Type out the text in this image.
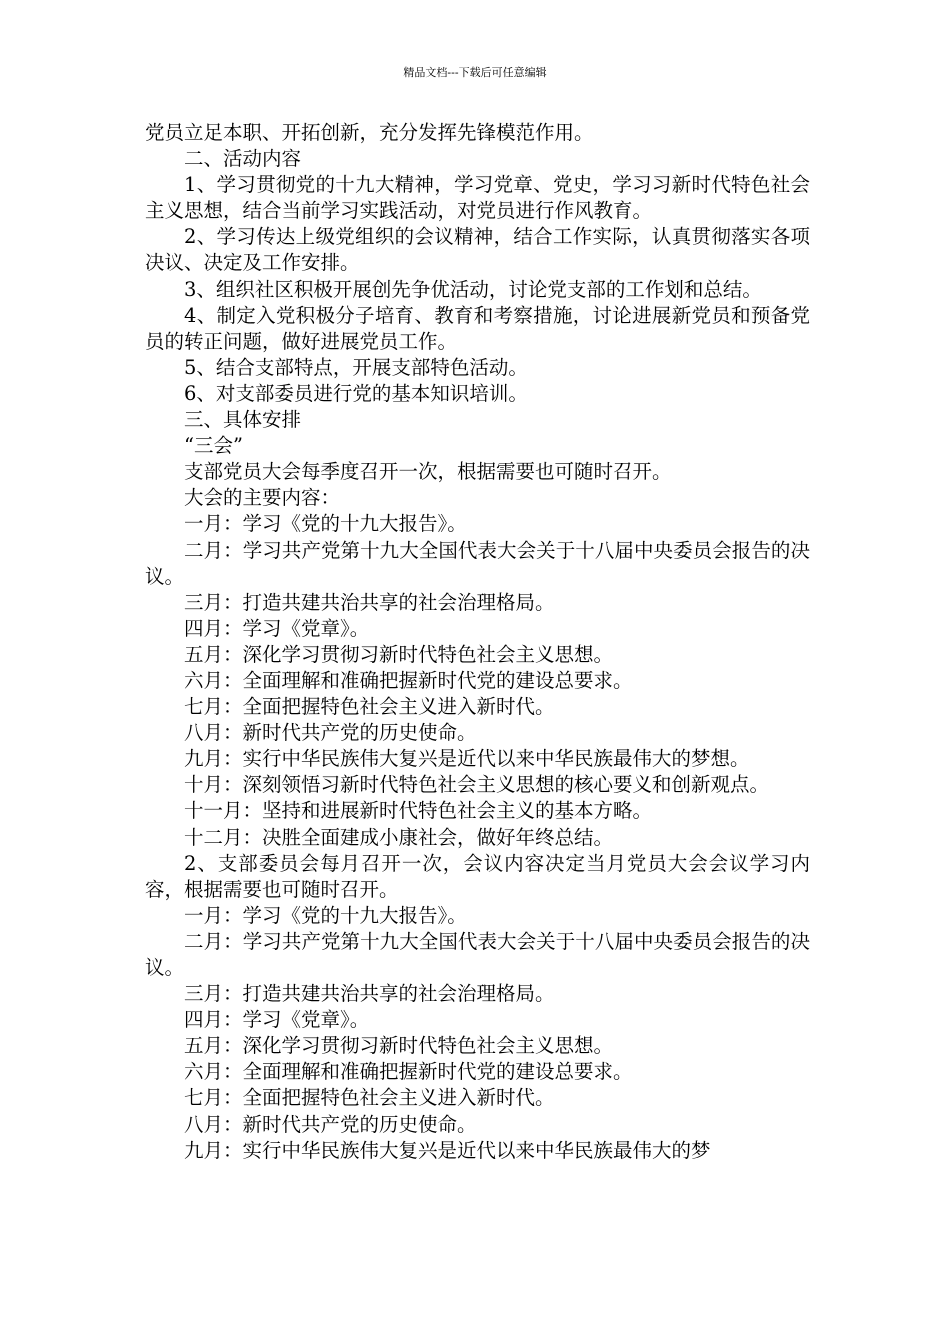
精品文档---下载后可任意编辑

党员立足本职、开拓创新，充分发挥先锋模范作用。

二、活动内容

1、学习贯彻党的十九大精神，学习党章、党史，学习习新时代特色社会主义思想，结合当前学习实践活动，对党员进行作风教育。

2、学习传达上级党组织的会议精神，结合工作实际，认真贯彻落实各项决议、决定及工作安排。

3、组织社区积极开展创先争优活动，讨论党支部的工作划和总结。

4、制定入党积极分子培育、教育和考察措施，讨论进展新党员和预备党员的转正问题，做好进展党员工作。

5、结合支部特点，开展支部特色活动。

6、对支部委员进行党的基本知识培训。

三、具体安排

“三会”

支部党员大会每季度召开一次，根据需要也可随时召开。

大会的主要内容：

一月：学习《党的十九大报告》。

二月：学习共产党第十九大全国代表大会关于十八届中央委员会报告的决议。

三月：打造共建共治共享的社会治理格局。

四月：学习《党章》。

五月：深化学习贯彻习新时代特色社会主义思想。

六月：全面理解和准确把握新时代党的建设总要求。

七月：全面把握特色社会主义进入新时代。

八月：新时代共产党的历史使命。

九月：实行中华民族伟大复兴是近代以来中华民族最伟大的梦想。

十月：深刻领悟习新时代特色社会主义思想的核心要义和创新观点。

十一月：坚持和进展新时代特色社会主义的基本方略。

十二月：决胜全面建成小康社会，做好年终总结。

2、支部委员会每月召开一次，会议内容决定当月党员大会会议学习内容，根据需要也可随时召开。

一月：学习《党的十九大报告》。

二月：学习共产党第十九大全国代表大会关于十八届中央委员会报告的决议。

三月：打造共建共治共享的社会治理格局。

四月：学习《党章》。

五月：深化学习贯彻习新时代特色社会主义思想。

六月：全面理解和准确把握新时代党的建设总要求。

七月：全面把握特色社会主义进入新时代。

八月：新时代共产党的历史使命。

九月：实行中华民族伟大复兴是近代以来中华民族最伟大的梦
